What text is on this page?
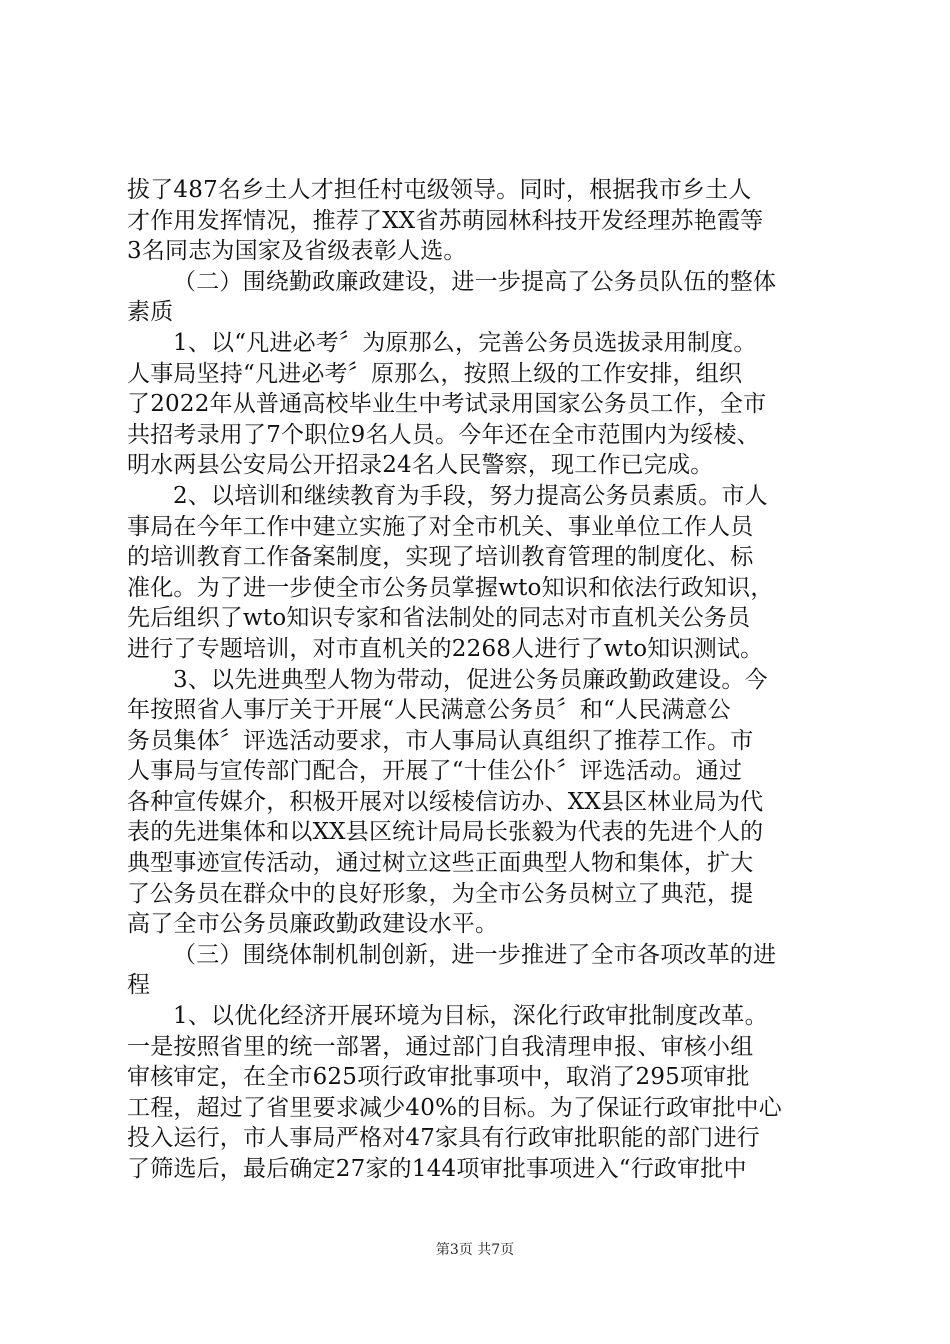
拔了487名乡土人才担任村屯级领导。同时，根据我市乡土人
才作用发挥情况，推荐了XX省苏萌园林科技开发经理苏艳霞等
3名同志为国家及省级表彰人选。
（二）围绕勤政廉政建设，进一步提高了公务员队伍的整体
素质
1、以“凡进必考〞为原那么，完善公务员选拔录用制度。
人事局坚持“凡进必考〞原那么，按照上级的工作安排，组织
了2022年从普通高校毕业生中考试录用国家公务员工作，全市
共招考录用了7个职位9名人员。今年还在全市范围内为绥棱、
明水两县公安局公开招录24名人民警察，现工作已完成。
2、以培训和继续教育为手段，努力提高公务员素质。市人
事局在今年工作中建立实施了对全市机关、事业单位工作人员
的培训教育工作备案制度，实现了培训教育管理的制度化、标
准化。为了进一步使全市公务员掌握wto知识和依法行政知识，
先后组织了wto知识专家和省法制处的同志对市直机关公务员
进行了专题培训，对市直机关的2268人进行了wto知识测试。
3、以先进典型人物为带动，促进公务员廉政勤政建设。今
年按照省人事厅关于开展“人民满意公务员〞和“人民满意公
务员集体〞评选活动要求，市人事局认真组织了推荐工作。市
人事局与宣传部门配合，开展了“十佳公仆〞评选活动。通过
各种宣传媒介，积极开展对以绥棱信访办、XX县区林业局为代
表的先进集体和以XX县区统计局局长张毅为代表的先进个人的
典型事迹宣传活动，通过树立这些正面典型人物和集体，扩大
了公务员在群众中的良好形象，为全市公务员树立了典范，提
高了全市公务员廉政勤政建设水平。
（三）围绕体制机制创新，进一步推进了全市各项改革的进
程
1、以优化经济开展环境为目标，深化行政审批制度改革。
一是按照省里的统一部署，通过部门自我清理申报、审核小组
审核审定，在全市625项行政审批事项中，取消了295项审批
工程，超过了省里要求减少40%的目标。为了保证行政审批中心
投入运行，市人事局严格对47家具有行政审批职能的部门进行
了筛选后，最后确定27家的144项审批事项进入“行政审批中
第3页 共7页
